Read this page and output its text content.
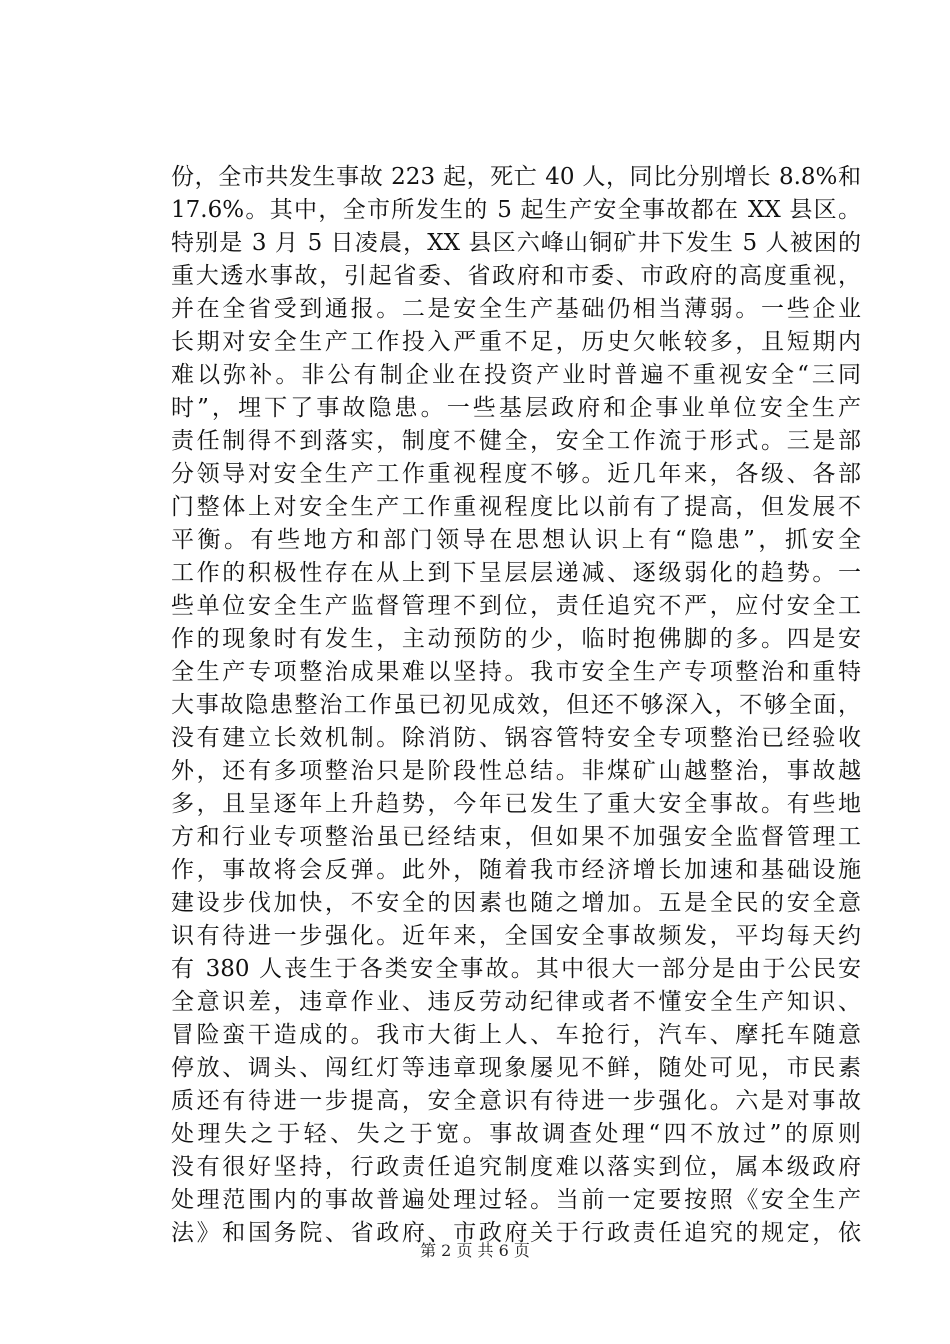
份，全市共发生事故 223 起，死亡 40 人，同比分别增长 8.8%和
17.6%。其中，全市所发生的 5 起生产安全事故都在 XX 县区。
特别是 3 月 5 日凌晨，XX 县区六峰山铜矿井下发生 5 人被困的
重大透水事故，引起省委、省政府和市委、市政府的高度重视，
并在全省受到通报。二是安全生产基础仍相当薄弱。一些企业
长期对安全生产工作投入严重不足，历史欠帐较多，且短期内
难以弥补。非公有制企业在投资产业时普遍不重视安全“三同
时”，埋下了事故隐患。一些基层政府和企事业单位安全生产
责任制得不到落实，制度不健全，安全工作流于形式。三是部
分领导对安全生产工作重视程度不够。近几年来，各级、各部
门整体上对安全生产工作重视程度比以前有了提高，但发展不
平衡。有些地方和部门领导在思想认识上有“隐患”，抓安全
工作的积极性存在从上到下呈层层递减、逐级弱化的趋势。一
些单位安全生产监督管理不到位，责任追究不严，应付安全工
作的现象时有发生，主动预防的少，临时抱佛脚的多。四是安
全生产专项整治成果难以坚持。我市安全生产专项整治和重特
大事故隐患整治工作虽已初见成效，但还不够深入，不够全面，
没有建立长效机制。除消防、锅容管特安全专项整治已经验收
外，还有多项整治只是阶段性总结。非煤矿山越整治，事故越
多，且呈逐年上升趋势，今年已发生了重大安全事故。有些地
方和行业专项整治虽已经结束，但如果不加强安全监督管理工
作，事故将会反弹。此外，随着我市经济增长加速和基础设施
建设步伐加快，不安全的因素也随之增加。五是全民的安全意
识有待进一步强化。近年来，全国安全事故频发，平均每天约
有 380 人丧生于各类安全事故。其中很大一部分是由于公民安
全意识差，违章作业、违反劳动纪律或者不懂安全生产知识、
冒险蛮干造成的。我市大街上人、车抢行，汽车、摩托车随意
停放、调头、闯红灯等违章现象屡见不鲜，随处可见，市民素
质还有待进一步提高，安全意识有待进一步强化。六是对事故
处理失之于轻、失之于宽。事故调查处理“四不放过”的原则
没有很好坚持，行政责任追究制度难以落实到位，属本级政府
处理范围内的事故普遍处理过轻。当前一定要按照《安全生产
法》和国务院、省政府、市政府关于行政责任追究的规定，依
第 2 页 共 6 页
